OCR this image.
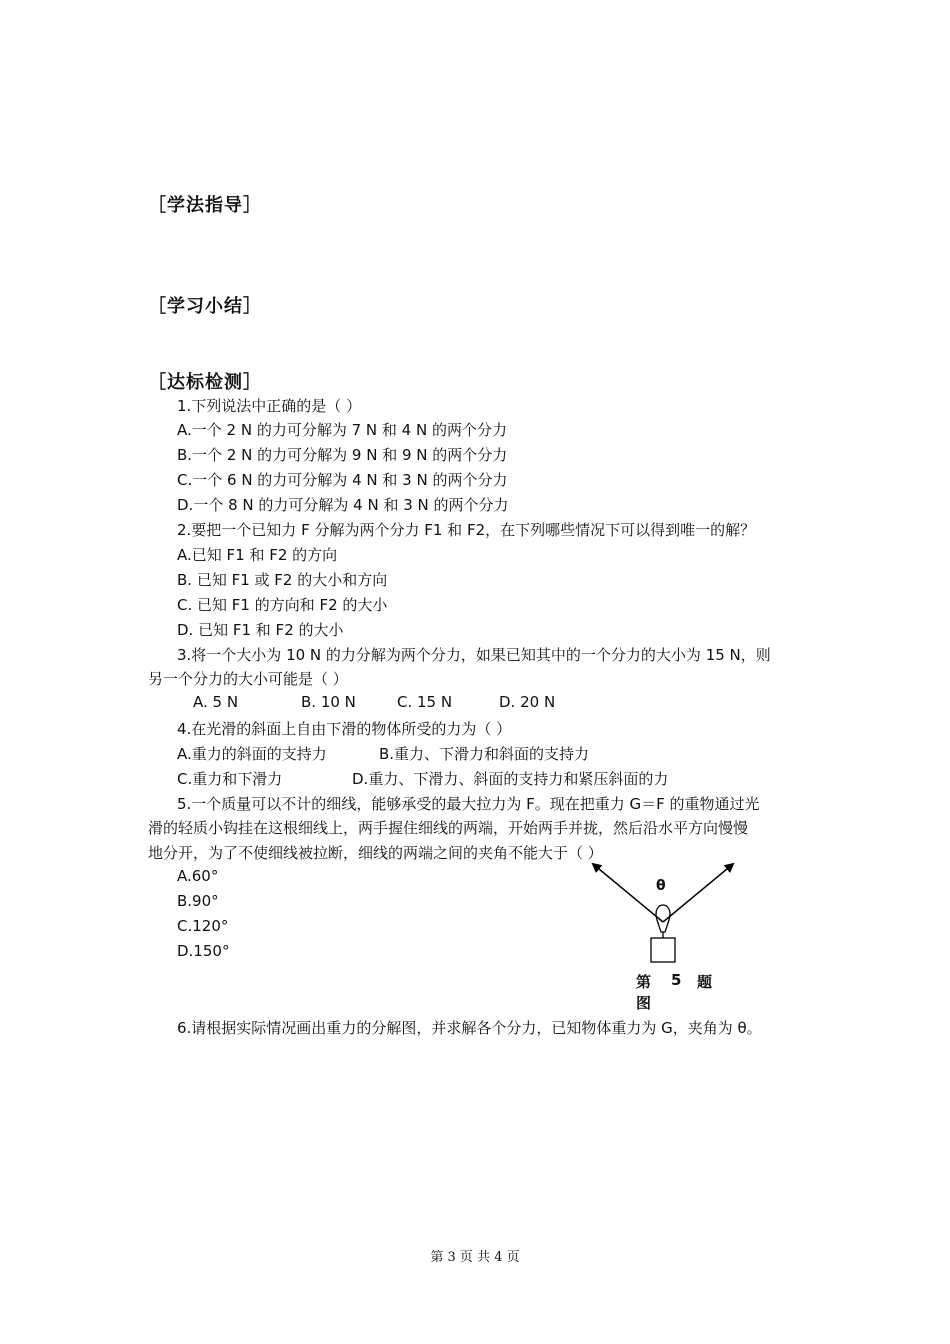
［学法指导］
［学习小结］
［达标检测］
1.下列说法中正确的是（ ）
A.一个 2 N 的力可分解为 7 N 和 4 N 的两个分力
B.一个 2 N 的力可分解为 9 N 和 9 N 的两个分力
C.一个 6 N 的力可分解为 4 N 和 3 N 的两个分力
D.一个 8 N 的力可分解为 4 N 和 3 N 的两个分力
2.要把一个已知力 F 分解为两个分力 F1 和 F2，在下列哪些情况下可以得到唯一的解？
A.已知 F1 和 F2 的方向
B. 已知 F1 或 F2 的大小和方向
C. 已知 F1 的方向和 F2 的大小
D. 已知 F1 和 F2 的大小
3.将一个大小为 10 N 的力分解为两个分力，如果已知其中的一个分力的大小为 15 N，则
另一个分力的大小可能是（ ）
A. 5 N	B. 10 N	C. 15 N	D. 20 N
4.在光滑的斜面上自由下滑的物体所受的力为（ ）
A.重力的斜面的支持力	B.重力、下滑力和斜面的支持力
C.重力和下滑力	D.重力、下滑力、斜面的支持力和紧压斜面的力
5.一个质量可以不计的细线，能够承受的最大拉力为 F。现在把重力 G＝F 的重物通过光
滑的轻质小钩挂在这根细线上，两手握住细线的两端，开始两手并拢，然后沿水平方向慢慢
地分开，为了不使细线被拉断，细线的两端之间的夹角不能大于（ ）
A.60°
B.90°
C.120°
D.150°
θ
第 5 题
图
6.请根据实际情况画出重力的分解图，并求解各个分力，已知物体重力为 G，夹角为 θ。
第 3 页 共 4 页
